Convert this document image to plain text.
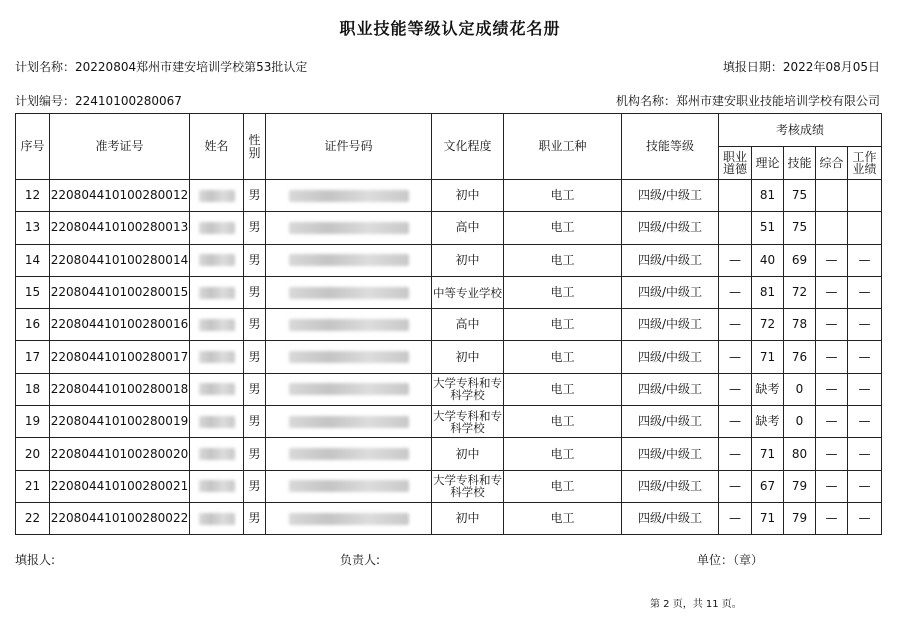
职业技能等级认定成绩花名册
计划名称：20220804郑州市建安培训学校第53批认定	填报日期：2022年08月05日
计划编号：22410100280067	机构名称：郑州市建安职业技能培训学校有限公司
序号	准考证号	姓名	性别	证件号码	文化程度	职业工种	技能等级	考核成绩				
								职业道德	理论	技能	综合	工作业绩
12	220804410100280012		男		初中	电工	四级/中级工		81	75		
13	220804410100280013		男		高中	电工	四级/中级工		51	75		
14	220804410100280014		男		初中	电工	四级/中级工	—	40	69	—	—
15	220804410100280015		男		中等专业学校	电工	四级/中级工	—	81	72	—	—
16	220804410100280016		男		高中	电工	四级/中级工	—	72	78	—	—
17	220804410100280017		男		初中	电工	四级/中级工	—	71	76	—	—
18	220804410100280018		男		大学专科和专科学校	电工	四级/中级工	—	缺考	0	—	—
19	220804410100280019		男		大学专科和专科学校	电工	四级/中级工	—	缺考	0	—	—
20	220804410100280020		男		初中	电工	四级/中级工	—	71	80	—	—
21	220804410100280021		男		大学专科和专科学校	电工	四级/中级工	—	67	79	—	—
22	220804410100280022		男		初中	电工	四级/中级工	—	71	79	—	—
填报人:	负责人:	单位：（章）
第 2 页，共 11 页。
